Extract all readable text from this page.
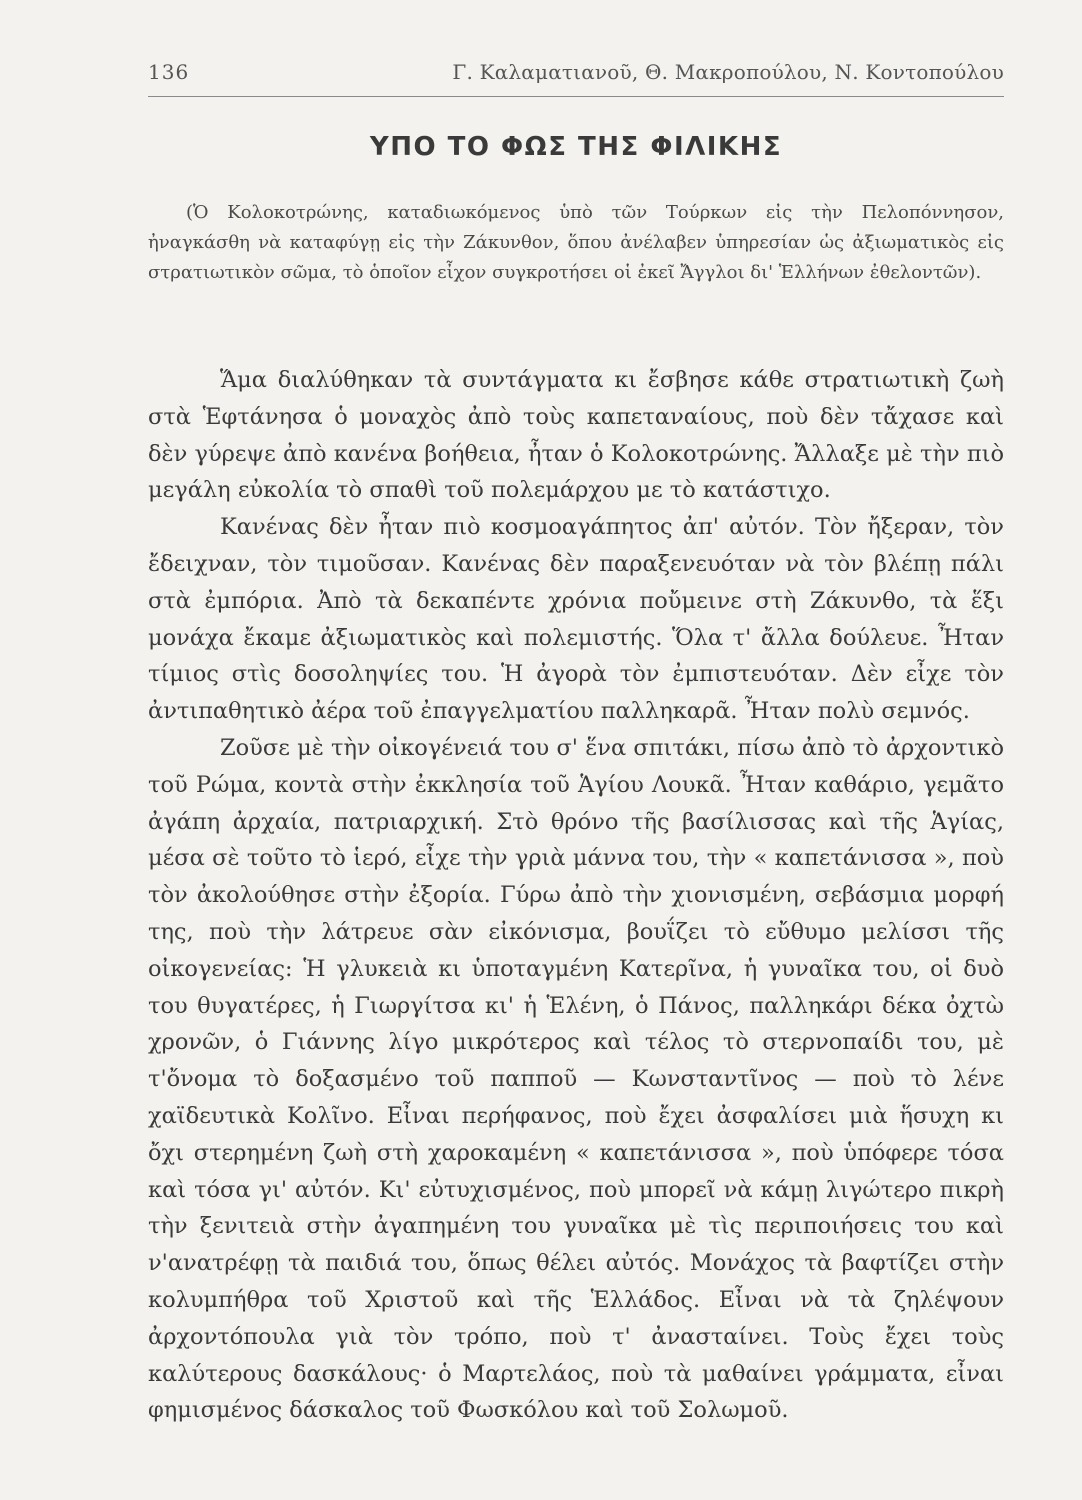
136	Γ. Καλαματιανοῦ, Θ. Μακροπούλου, Ν. Κοντοπούλου
ΥΠΟ ΤΟ ΦΩΣ ΤΗΣ ΦΙΛΙΚΗΣ

(Ὁ Κολοκοτρώνης, καταδιωκόμενος ὑπὸ τῶν Τούρκων εἰς τὴν Πελοπόννησον, ἠναγκάσθη νὰ καταφύγῃ εἰς τὴν Ζάκυνθον, ὅπου ἀνέλαβεν ὑπηρεσίαν ὡς ἀξιωματικὸς εἰς στρατιωτικὸν σῶμα, τὸ ὁποῖον εἶχον συγκροτήσει οἱ ἐκεῖ Ἄγγλοι δι' Ἑλλήνων ἐθελοντῶν).

Ἅμα διαλύθηκαν τὰ συντάγματα κι ἔσβησε κάθε στρατιωτικὴ ζωὴ στὰ Ἑφτάνησα ὁ μοναχὸς ἀπὸ τοὺς καπεταναίους, ποὺ δὲν τἄχασε καὶ δὲν γύρεψε ἀπὸ κανένα βοήθεια, ἦταν ὁ Κολοκοτρώνης. Ἄλλαξε μὲ τὴν πιὸ μεγάλη εὐκολία τὸ σπαθὶ τοῦ πολεμάρχου με τὸ κατάστιχο.

Κανένας δὲν ἦταν πιὸ κοσμοαγάπητος ἀπ' αὐτόν. Τὸν ἤξεραν, τὸν ἔδειχναν, τὸν τιμοῦσαν. Κανένας δὲν παραξενευόταν νὰ τὸν βλέπῃ πάλι στὰ ἐμπόρια. Ἀπὸ τὰ δεκαπέντε χρόνια ποὔμεινε στὴ Ζάκυνθο, τὰ ἕξι μονάχα ἔκαμε ἀξιωματικὸς καὶ πολεμιστής. Ὅλα τ' ἄλλα δούλευε. Ἦταν τίμιος στὶς δοσοληψίες του. Ἡ ἀγορὰ τὸν ἐμπιστευόταν. Δὲν εἶχε τὸν ἀντιπαθητικὸ ἀέρα τοῦ ἐπαγγελματίου παλληκαρᾶ. Ἦταν πολὺ σεμνός.

Ζοῦσε μὲ τὴν οἰκογένειά του σ' ἕνα σπιτάκι, πίσω ἀπὸ τὸ ἀρχοντικὸ τοῦ Ρώμα, κοντὰ στὴν ἐκκλησία τοῦ Ἁγίου Λουκᾶ. Ἦταν καθάριο, γεμᾶτο ἀγάπη ἀρχαία, πατριαρχική. Στὸ θρόνο τῆς βασίλισσας καὶ τῆς Ἁγίας, μέσα σὲ τοῦτο τὸ ἱερό, εἶχε τὴν γριὰ μάννα του, τὴν « καπετάνισσα », ποὺ τὸν ἀκολούθησε στὴν ἐξορία. Γύρω ἀπὸ τὴν χιονισμένη, σεβάσμια μορφή της, ποὺ τὴν λάτρευε σὰν εἰκόνισμα, βουΐζει τὸ εὔθυμο μελίσσι τῆς οἰκογενείας: Ἡ γλυκειὰ κι ὑποταγμένη Κατερῖνα, ἡ γυναῖκα του, οἱ δυὸ του θυγατέρες, ἡ Γιωργίτσα κι' ἡ Ἑλένη, ὁ Πάνος, παλληκάρι δέκα ὀχτὼ χρονῶν, ὁ Γιάννης λίγο μικρότερος καὶ τέλος τὸ στερνοπαίδι του, μὲ τ'ὄνομα τὸ δοξασμένο τοῦ παπποῦ — Κωνσταντῖνος — ποὺ τὸ λένε χαϊδευτικὰ Κολῖνο. Εἶναι περήφανος, ποὺ ἔχει ἀσφαλίσει μιὰ ἥσυχη κι ὄχι στερημένη ζωὴ στὴ χαροκαμένη « καπετάνισσα », ποὺ ὑπόφερε τόσα καὶ τόσα γι' αὐτόν. Κι' εὐτυχισμένος, ποὺ μπορεῖ νὰ κάμῃ λιγώτερο πικρὴ τὴν ξενιτειὰ στὴν ἀγαπημένη του γυναῖκα μὲ τὶς περιποιήσεις του καὶ ν'ανατρέφῃ τὰ παιδιά του, ὅπως θέλει αὐτός. Μονάχος τὰ βαφτίζει στὴν κολυμπήθρα τοῦ Χριστοῦ καὶ τῆς Ἑλλάδος. Εἶναι νὰ τὰ ζηλέψουν ἀρχοντόπουλα γιὰ τὸν τρόπο, ποὺ τ' ἀνασταίνει. Τοὺς ἔχει τοὺς καλύτερους δασκάλους· ὁ Μαρτελάος, ποὺ τὰ μαθαίνει γράμματα, εἶναι φημισμένος δάσκαλος τοῦ Φωσκόλου καὶ τοῦ Σολωμοῦ.
